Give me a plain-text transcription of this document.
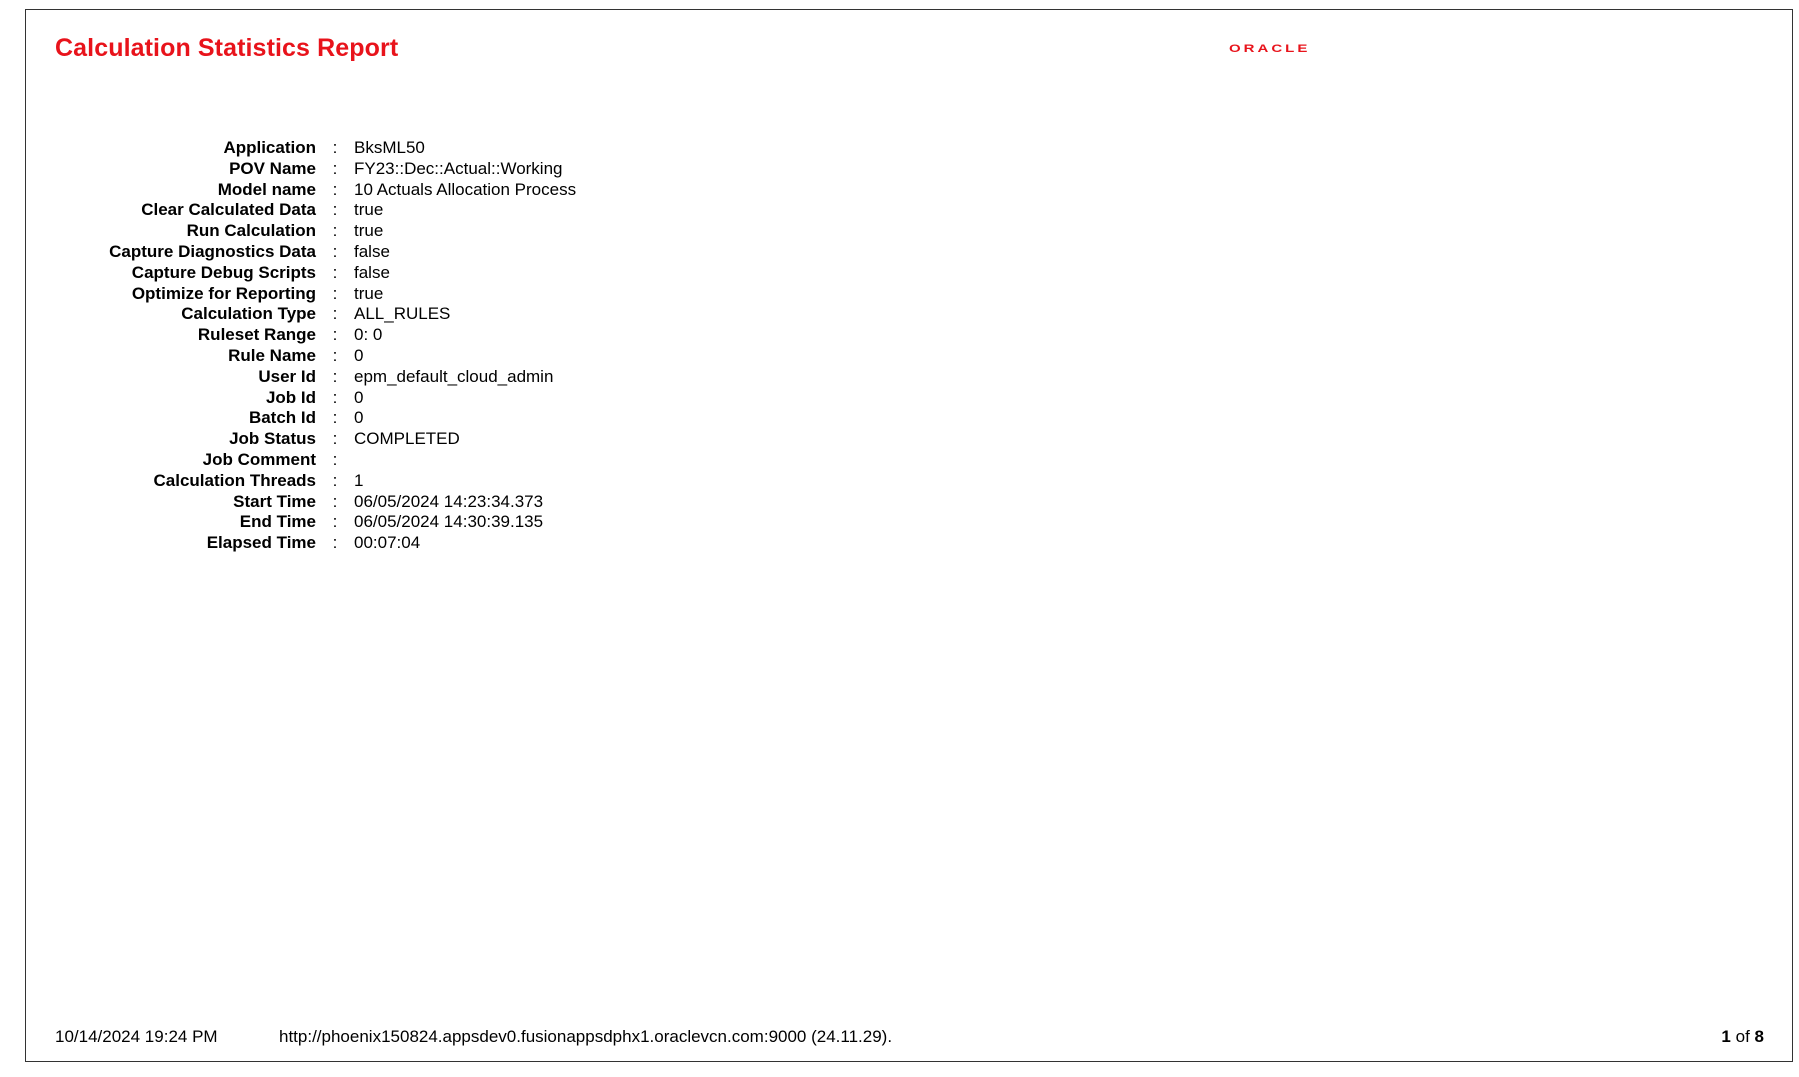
Calculation Statistics Report	ORACLE
Application	:	BksML50
POV Name	:	FY23::Dec::Actual::Working
Model name	:	10 Actuals Allocation Process
Clear Calculated Data	:	true
Run Calculation	:	true
Capture Diagnostics Data	:	false
Capture Debug Scripts	:	false
Optimize for Reporting	:	true
Calculation Type	:	ALL_RULES
Ruleset Range	:	0: 0
Rule Name	:	0
User Id	:	epm_default_cloud_admin
Job Id	:	0
Batch Id	:	0
Job Status	:	COMPLETED
Job Comment	:	
Calculation Threads	:	1
Start Time	:	06/05/2024 14:23:34.373
End Time	:	06/05/2024 14:30:39.135
Elapsed Time	:	00:07:04
10/14/2024 19:24 PM	http://phoenix150824.appsdev0.fusionappsdphx1.oraclevcn.com:9000 (24.11.29).	1 of 8
